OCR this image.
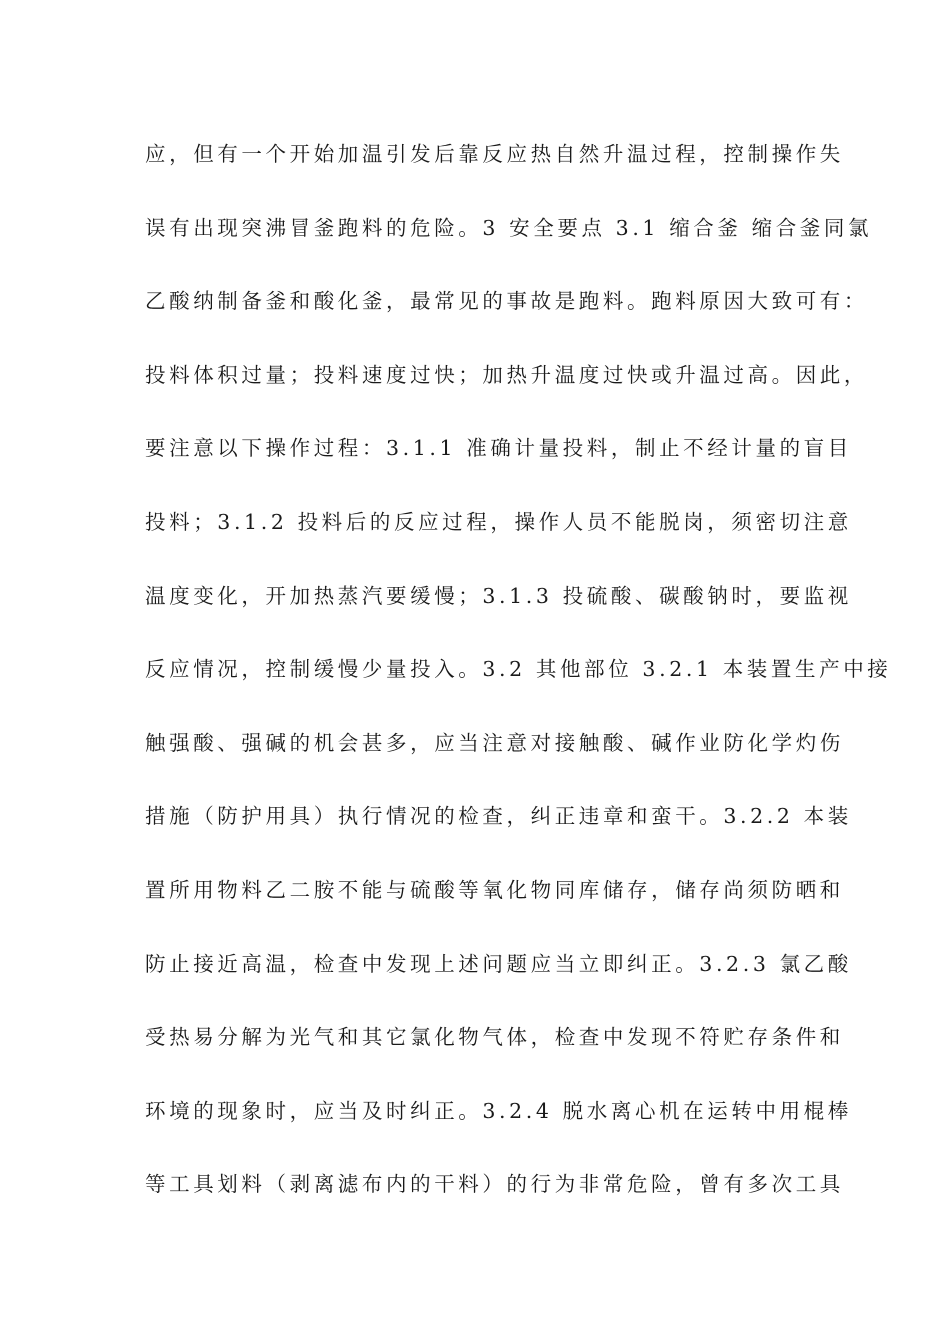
应，但有一个开始加温引发后靠反应热自然升温过程，控制操作失
误有出现突沸冒釜跑料的危险。3 安全要点 3.1 缩合釜 缩合釜同氯
乙酸纳制备釜和酸化釜，最常见的事故是跑料。跑料原因大致可有：
投料体积过量；投料速度过快；加热升温度过快或升温过高。因此，
要注意以下操作过程：3.1.1 准确计量投料，制止不经计量的盲目
投料；3.1.2 投料后的反应过程，操作人员不能脱岗，须密切注意
温度变化，开加热蒸汽要缓慢；3.1.3 投硫酸、碳酸钠时，要监视
反应情况，控制缓慢少量投入。3.2 其他部位 3.2.1 本装置生产中接
触强酸、强碱的机会甚多，应当注意对接触酸、碱作业防化学灼伤
措施（防护用具）执行情况的检查，纠正违章和蛮干。3.2.2 本装
置所用物料乙二胺不能与硫酸等氧化物同库储存，储存尚须防晒和
防止接近高温，检查中发现上述问题应当立即纠正。3.2.3 氯乙酸
受热易分解为光气和其它氯化物气体，检查中发现不符贮存条件和
环境的现象时，应当及时纠正。3.2.4 脱水离心机在运转中用棍棒
等工具划料（剥离滤布内的干料）的行为非常危险，曾有多次工具
